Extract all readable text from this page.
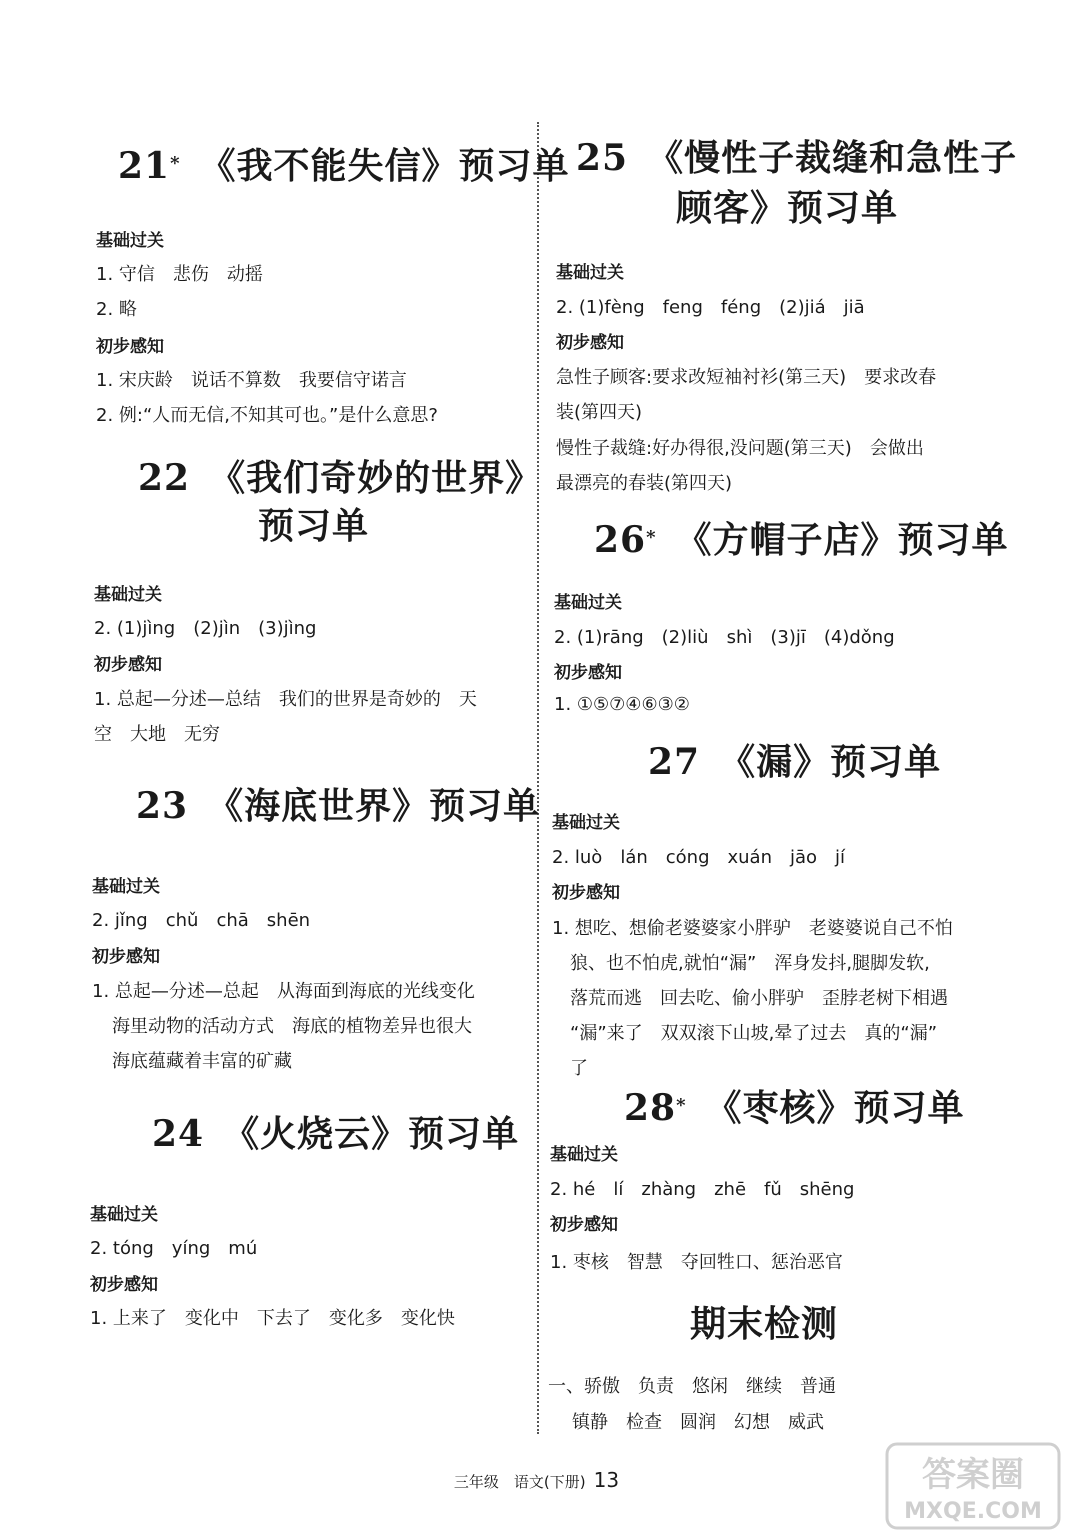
21*　 《我不能失信》预习单
基础过关
1. 守信　悲伤　动摇
2. 略
初步感知
1. 宋庆龄　说话不算数　我要信守诺言
2. 例:“人而无信,不知其可也。”是什么意思?
22　《我们奇妙的世界》
预习单
基础过关
2. (1)jìng　(2)jìn　(3)jìng
初步感知
1. 总起—分述—总结　我们的世界是奇妙的　天
空　大地　无穷
23　《海底世界》预习单
基础过关
2. jǐng　chǔ　chā　shēn
初步感知
1. 总起—分述—总起　从海面到海底的光线变化
海里动物的活动方式　海底的植物差异也很大
海底蕴藏着丰富的矿藏
24　《火烧云》预习单
基础过关
2. tóng　yíng　mú
初步感知
1. 上来了　变化中　下去了　变化多　变化快
25　《慢性子裁缝和急性子
顾客》预习单
基础过关
2. (1)fèng　feng　féng　(2)jiá　jiā
初步感知
急性子顾客:要求改短袖衬衫(第三天)　要求改春
装(第四天)
慢性子裁缝:好办得很,没问题(第三天)　会做出
最漂亮的春装(第四天)
26*　 《方帽子店》预习单
基础过关
2. (1)rāng　(2)liù　shì　(3)jī　(4)dǒng
初步感知
1. ①⑤⑦④⑥③②
27　《漏》预习单
基础过关
2. luò　lán　cóng　xuán　jāo　jí
初步感知
1. 想吃、想偷老婆婆家小胖驴　老婆婆说自己不怕
狼、也不怕虎,就怕“漏”　浑身发抖,腿脚发软,
落荒而逃　回去吃、偷小胖驴　歪脖老树下相遇
“漏”来了　双双滚下山坡,晕了过去　真的“漏”
了
28*　 《枣核》预习单
基础过关
2. hé　lí　zhàng　zhē　fǔ　shēng
初步感知
1. 枣核　智慧　夺回牲口、惩治恶官
期末检测
一、骄傲　负责　悠闲　继续　普通
镇静　检查　圆润　幻想　威武
三年级　语文(下册) 13	答案圈
MXQE.COM
